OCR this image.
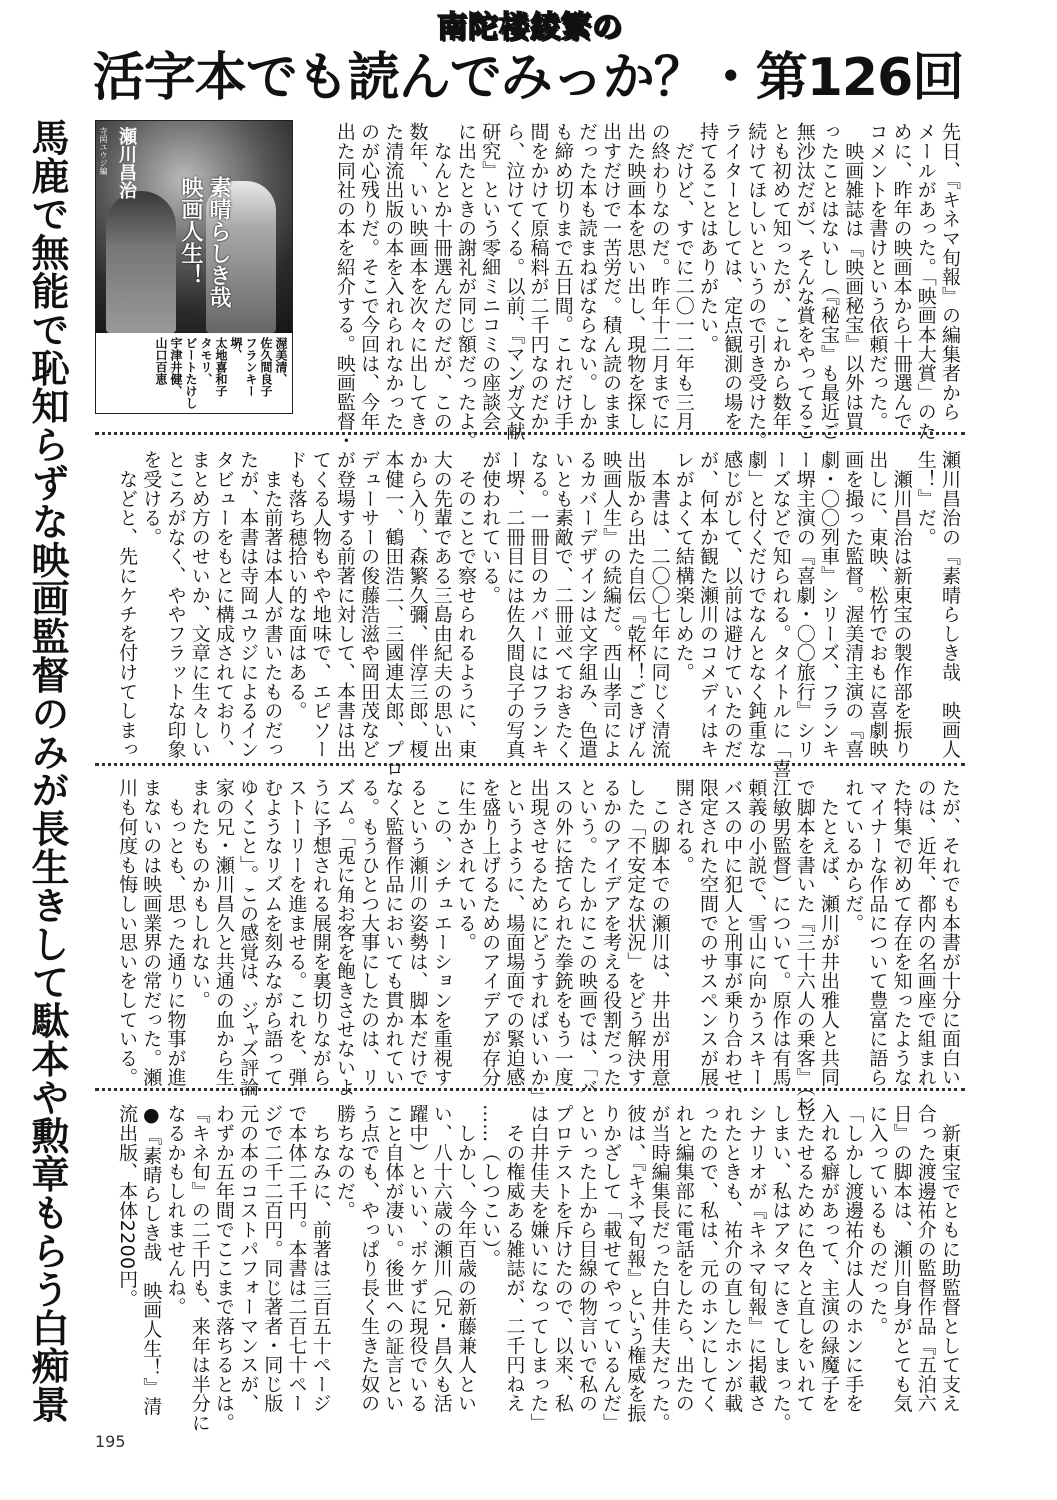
南陀楼綾繁の
活字本でも読んでみっか？・第126回
馬鹿で無能で恥知らずな映画監督のみが長生きして駄本や勲章もらう白痴景
瀬川昌治
寺岡ユウジ編
素晴らしき哉
映画人生！
渥美清、
佐久間良子
フランキー堺、
太地喜和子
タモリ、
ビートたけし
宇津井健、
山口百恵	先日、『キネマ旬報』の編集者から
メールがあった。「映画本大賞」のた
めに、昨年の映画本から十冊選んで
コメントを書けという依頼だった。
　映画雑誌は『映画秘宝』以外は買
ったことはないし（『秘宝』も最近ご
無沙汰だが）、そんな賞をやってるこ
とも初めて知ったが、これから数年
続けてほしいというので引き受けた。
ライターとしては、定点観測の場を
持てることはありがたい。
　だけど、すでに二〇一二年も三月
の終わりなのだ。昨年十二月までに
出た映画本を思い出し、現物を探し
出すだけで一苦労だ。積ん読のまま
だった本も読まねばならない。しか
も締め切りまで五日間。これだけ手
間をかけて原稿料が二千円なのだか
ら、泣けてくる。以前、『マンガ文献
研究』という零細ミニコミの座談会
に出たときの謝礼が同じ額だったよ。
　なんとか十冊選んだのだが、この
数年、いい映画本を次々に出してき
た清流出版の本を入れられなかった
のが心残りだ。そこで今回は、今年
出た同社の本を紹介する。映画監督・
瀬川昌治の『素晴らしき哉　映画人
生！』だ。
　瀬川昌治は新東宝の製作部を振り
出しに、東映、松竹でおもに喜劇映
画を撮った監督。渥美清主演の『喜
劇・〇〇列車』シリーズ、フランキ
ー堺主演の『喜劇・〇〇旅行』シリ
ーズなどで知られる。タイトルに「喜
劇」と付くだけでなんとなく鈍重な
感じがして、以前は避けていたのだ
が、何本か観た瀬川のコメディはキ
レがよくて結構楽しめた。
　本書は、二〇〇七年に同じく清流
出版から出た自伝『乾杯！ごきげん
映画人生』の続編だ。西山孝司によ
るカバーデザインは文字組み、色遣
いとも素敵で、二冊並べておきたく
なる。一冊目のカバーにはフランキ
ー堺、二冊目には佐久間良子の写真
が使われている。
　そのことで察せられるように、東
大の先輩である三島由紀夫の思い出
から入り、森繁久彌、伴淳三郎、榎
本健一、鶴田浩二、三國連太郎、プロ
デューサーの俊藤浩滋や岡田茂など
が登場する前著に対して、本書は出
てくる人物もやや地味で、エピソー
ドも落ち穂拾い的な面はある。
　また前著は本人が書いたものだっ
たが、本書は寺岡ユウジによるイン
タビューをもとに構成されており、
まとめ方のせいか、文章に生々しい
ところがなく、ややフラットな印象
を受ける。
　などと、先にケチを付けてしまっ
たが、それでも本書が十分に面白い
のは、近年、都内の名画座で組まれ
た特集で初めて存在を知ったような
マイナーな作品について豊富に語ら
れているからだ。
　たとえば、瀬川が井出雅人と共同
で脚本を書いた『三十六人の乗客』（杉
江敏男監督）について。原作は有馬
頼義の小説で、雪山に向かうスキー
バスの中に犯人と刑事が乗り合わせ、
限定された空間でのサスペンスが展
開される。
　この脚本での瀬川は、井出が用意
した「不安定な状況」をどう解決す
るかのアイデアを考える役割だった
という。たしかにこの映画では、「バ
スの外に捨てられた拳銃をもう一度
出現させるためにどうすればいいか」
というように、場面場面での緊迫感
を盛り上げるためのアイデアが存分
に生かされている。
　この、シチュエーションを重視す
るという瀬川の姿勢は、脚本だけで
なく監督作品においても貫かれてい
る。もうひとつ大事にしたのは、リ
ズム。「兎に角お客を飽きさせないよ
うに予想される展開を裏切りながら
ストーリーを進ませる。これを、弾
むようなリズムを刻みながら語って
ゆくこと」。この感覚は、ジャズ評論
家の兄・瀬川昌久と共通の血から生
まれたものかもしれない。
　もっとも、思った通りに物事が進
まないのは映画業界の常だった。瀬
川も何度も悔しい思いをしている。
　新東宝でともに助監督として支え
合った渡邊祐介の監督作品『五泊六
日』の脚本は、瀬川自身がとても気
に入っているものだった。
「しかし渡邊祐介は人のホンに手を
入れる癖があって、主演の緑魔子を
立たせるために色々と直しをいれて
しまい、私はアタマにきてしまった。
シナリオが『キネマ旬報』に掲載さ
れたときも、祐介の直したホンが載
ったので、私は、元のホンにしてく
れと編集部に電話をしたら、出たの
が当時編集長だった白井佳夫だった。
彼は、『キネマ旬報』という権威を振
りかざして「載せてやっているんだ」
といった上から目線の物言いで私の
プロテストを斥けたので、以来、私
は白井佳夫を嫌いになってしまった」
　その権威ある雑誌が、二千円ねえ
……（しつこい）。
　しかし、今年百歳の新藤兼人とい
い、八十六歳の瀬川（兄・昌久も活
躍中）といい、ボケずに現役でいる
こと自体が凄い。後世への証言とい
う点でも、やっぱり長く生きた奴の
勝ちなのだ。
　ちなみに、前著は三百五十ページ
で本体二千円。本書は二百七十ペー
ジで二千二百円。同じ著者・同じ版
元の本のコストパフォーマンスが、
わずか五年間でここまで落ちるとは。
『キネ旬』の二千円も、来年は半分に
なるかもしれませんね。
●『素晴らしき哉　映画人生！』清
流出版、本体2200円。
195
